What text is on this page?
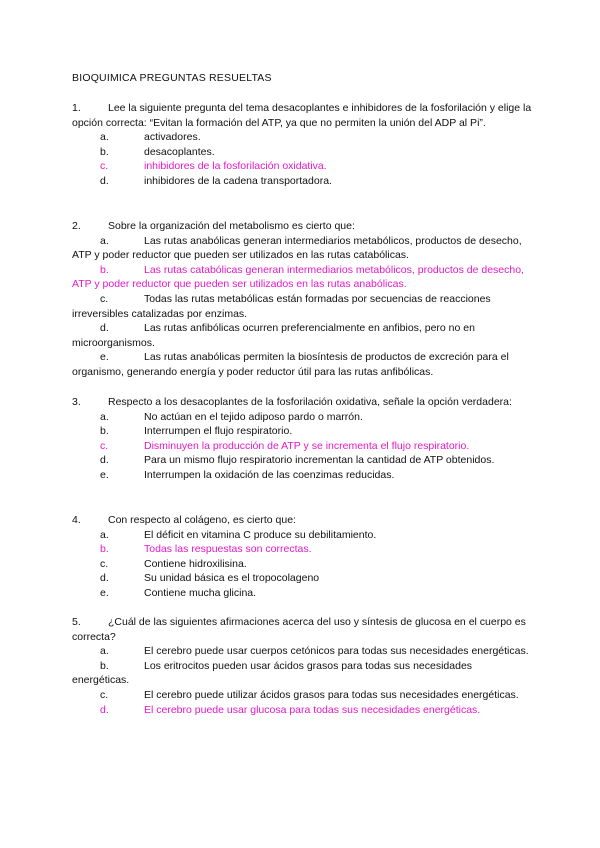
BIOQUIMICA PREGUNTAS RESUELTAS
1.	Lee la siguiente pregunta del tema desacoplantes e inhibidores de la fosforilación y elige la opción correcta: “Evitan la formación del ATP, ya que no permiten la unión del ADP al Pi”.
a.	activadores.
b.	desacoplantes.
c.	inhibidores de la fosforilación oxidativa.
d.	inhibidores de la cadena transportadora.
2.	Sobre la organización del metabolismo es cierto que:
a.	Las rutas anabólicas generan intermediarios metabólicos, productos de desecho, ATP y poder reductor que pueden ser utilizados en las rutas catabólicas.
b.	Las rutas catabólicas generan intermediarios metabólicos, productos de desecho, ATP y poder reductor que pueden ser utilizados en las rutas anabólicas.
c.	Todas las rutas metabólicas están formadas por secuencias de reacciones irreversibles catalizadas por enzimas.
d.	Las rutas anfibólicas ocurren preferencialmente en anfibios, pero no en microorganismos.
e.	Las rutas anabólicas permiten la biosíntesis de productos de excreción para el organismo, generando energía y poder reductor útil para las rutas anfibólicas.
3.	Respecto a los desacoplantes de la fosforilación oxidativa, señale la opción verdadera:
a.	No actúan en el tejido adiposo pardo o marrón.
b.	Interrumpen el flujo respiratorio.
c.	Disminuyen la producción de ATP y se incrementa el flujo respiratorio.
d.	Para un mismo flujo respiratorio incrementan la cantidad de ATP obtenidos.
e.	Interrumpen la oxidación de las coenzimas reducidas.
4.	Con respecto al colágeno, es cierto que:
a.	El déficit en vitamina C produce su debilitamiento.
b.	Todas las respuestas son correctas.
c.	Contiene hidroxilisina.
d.	Su unidad básica es el tropocolageno
e.	Contiene mucha glicina.
5.	¿Cuál de las siguientes afirmaciones acerca del uso y síntesis de glucosa en el cuerpo es correcta?
a.	El cerebro puede usar cuerpos cetónicos para todas sus necesidades energéticas.
b.	Los eritrocitos pueden usar ácidos grasos para todas sus necesidades energéticas.
c.	El cerebro puede utilizar ácidos grasos para todas sus necesidades energéticas.
d.	El cerebro puede usar glucosa para todas sus necesidades energéticas.
